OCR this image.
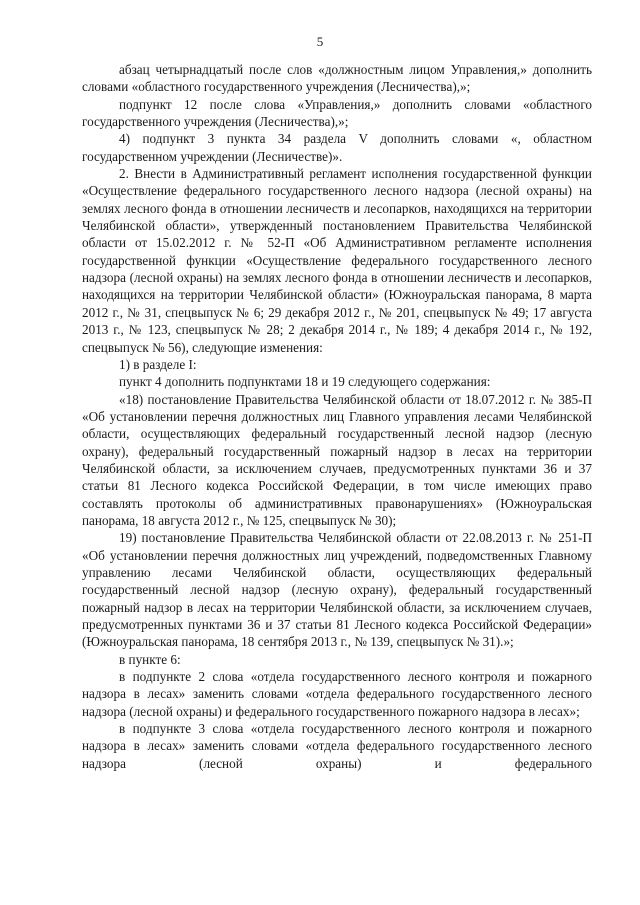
5

абзац четырнадцатый после слов «должностным лицом Управления,» дополнить словами «областного государственного учреждения (Лесничества),»;

подпункт 12 после слова «Управления,» дополнить словами «областного государственного учреждения (Лесничества),»;

4) подпункт 3 пункта 34 раздела V дополнить словами «, областном государственном учреждении (Лесничестве)».

2. Внести в Административный регламент исполнения государственной функции «Осуществление федерального государственного лесного надзора (лесной охраны) на землях лесного фонда в отношении лесничеств и лесопарков, находящихся на территории Челябинской области», утвержденный постановлением Правительства Челябинской области от 15.02.2012 г. № 52-П «Об Административном регламенте исполнения государственной функции «Осуществление федерального государственного лесного надзора (лесной охраны) на землях лесного фонда в отношении лесничеств и лесопарков, находящихся на территории Челябинской области» (Южноуральская панорама, 8 марта 2012 г., № 31, спецвыпуск № 6; 29 декабря 2012 г., № 201, спецвыпуск № 49; 17 августа 2013 г., № 123, спецвыпуск № 28; 2 декабря 2014 г., № 189; 4 декабря 2014 г., № 192, спецвыпуск № 56), следующие изменения:

1) в разделе I:

пункт 4 дополнить подпунктами 18 и 19 следующего содержания:

«18) постановление Правительства Челябинской области от 18.07.2012 г. № 385-П «Об установлении перечня должностных лиц Главного управления лесами Челябинской области, осуществляющих федеральный государственный лесной надзор (лесную охрану), федеральный государственный пожарный надзор в лесах на территории Челябинской области, за исключением случаев, предусмотренных пунктами 36 и 37 статьи 81 Лесного кодекса Российской Федерации, в том числе имеющих право составлять протоколы об административных правонарушениях» (Южноуральская панорама, 18 августа 2012 г., № 125, спецвыпуск № 30);

19) постановление Правительства Челябинской области от 22.08.2013 г. № 251-П «Об установлении перечня должностных лиц учреждений, подведомственных Главному управлению лесами Челябинской области, осуществляющих федеральный государственный лесной надзор (лесную охрану), федеральный государственный пожарный надзор в лесах на территории Челябинской области, за исключением случаев, предусмотренных пунктами 36 и 37 статьи 81 Лесного кодекса Российской Федерации» (Южноуральская панорама, 18 сентября 2013 г., № 139, спецвыпуск № 31).»;

в пункте 6:

в подпункте 2 слова «отдела государственного лесного контроля и пожарного надзора в лесах» заменить словами «отдела федерального государственного лесного надзора (лесной охраны) и федерального государственного пожарного надзора в лесах»;

в подпункте 3 слова «отдела государственного лесного контроля и пожарного надзора в лесах» заменить словами «отдела федерального государственного лесного надзора (лесной охраны) и федерального
